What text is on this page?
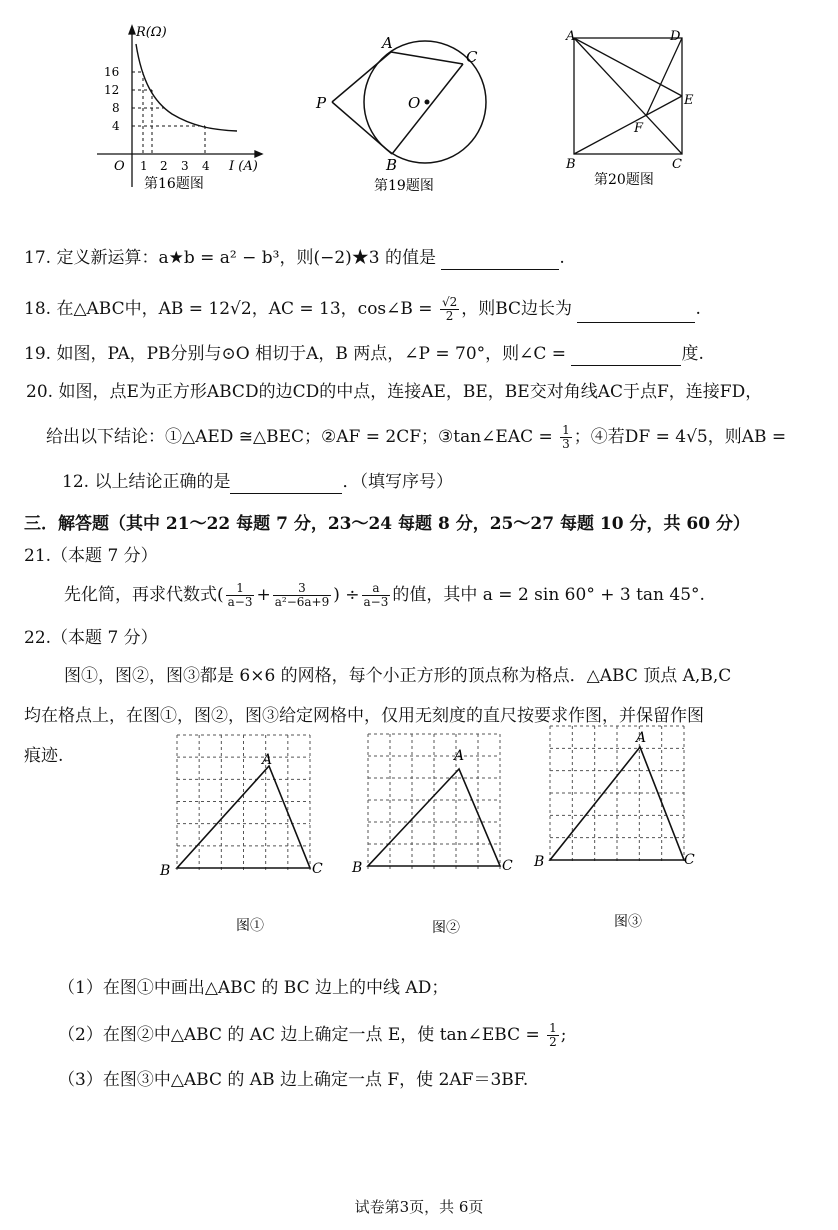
R(Ω)
16
12
8
4
O 1 2 3 4 I (A)
第16题图
A
C
P	O
B
第19题图
A	D
E
F
B	C
第20题图
17. 定义新运算：a★b = a² − b³，则(−2)★3 的值是	.
18. 在△ABC中，AB = 12√2，AC = 13，cos∠B = $\frac{√2}{2}$ ，则BC边长为	.
19. 如图，PA，PB分别与⊙O 相切于A，B 两点，∠P = 70°，则∠C =	度.
20. 如图，点E为正方形ABCD的边CD的中点，连接AE，BE，BE交对角线AC于点F，连接FD，
给出以下结论：①△AED ≅△BEC；②AF = 2CF；③tan∠EAC = $\frac{1}{3}$ ；④若DF = 4√5，则AB =
12. 以上结论正确的是	．（填写序号）
三．解答题（其中 21～22 每题 7 分，23～24 每题 8 分，25～27 每题 10 分，共 60 分）
21.（本题 7 分）
先化简，再求代数式( $\frac{1}{a-3} + \frac{3}{\text{a²−6a+9}}$ ) ÷ $\frac{a}{a-3}$ 的值，其中 a = 2 sin 60° + 3 tan 45°.
22.（本题 7 分）
图①，图②，图③都是 6×6 的网格，每个小正方形的顶点称为格点．△ABC 顶点 A,B,C
均在格点上，在图①，图②，图③给定网格中，仅用无刻度的直尺按要求作图，并保留作图
痕迹.	A
B	C
图①
A
B	C
图②
A
B	C
图③
（1）在图①中画出△ABC 的 BC 边上的中线 AD；
（2）在图②中△ABC 的 AC 边上确定一点 E，使 tan∠EBC = $\frac{1}{2}$ ;
（3）在图③中△ABC 的 AB 边上确定一点 F，使 2AF＝3BF.
试卷第3页，共 6页
